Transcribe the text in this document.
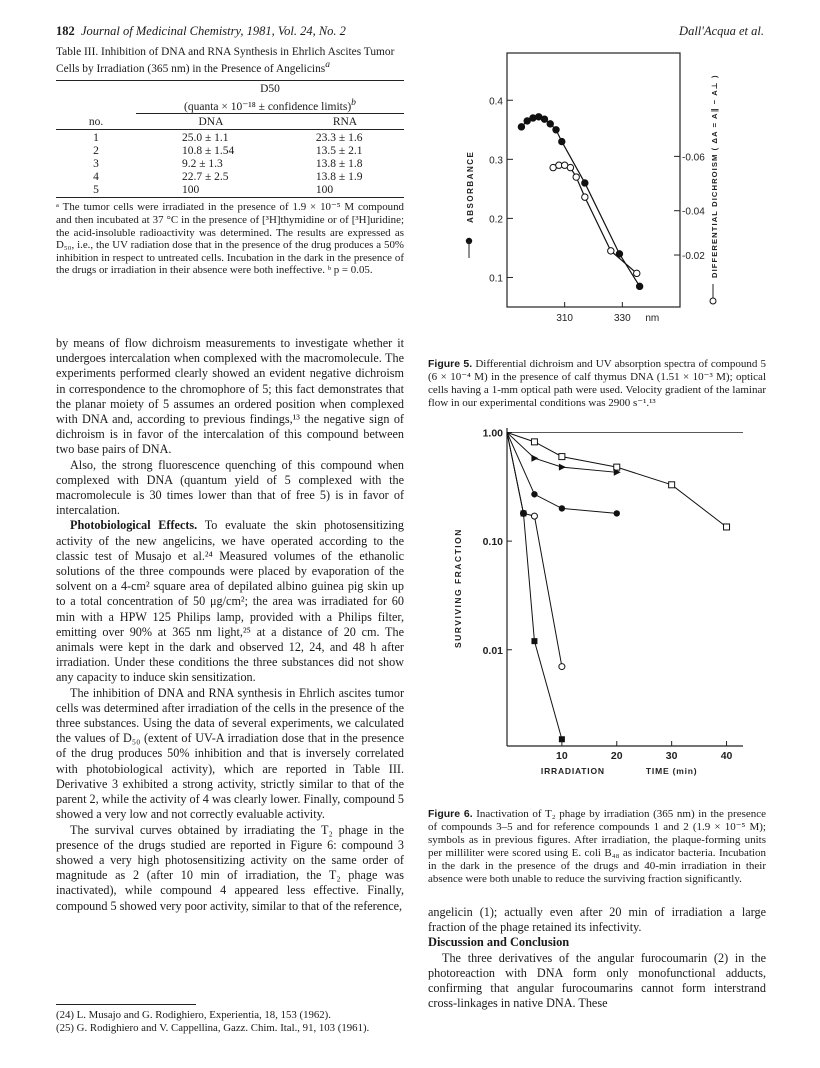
182 Journal of Medicinal Chemistry, 1981, Vol. 24, No. 2	Dall'Acqua et al.
Table III. Inhibition of DNA and RNA Synthesis in Ehrlich Ascites Tumor Cells by Irradiation (365 nm) in the Presence of Angelicins$^a$
	D50	
	(quanta × 10⁻¹⁸ ± confidence limits)$^b$

no.	DNA	RNA

1	25.0 ± 1.1	23.3 ± 1.6
2	10.8 ± 1.54	13.5 ± 2.1
3	9.2 ± 1.3	13.8 ± 1.8
4	22.7 ± 2.5	13.8 ± 1.9
5	100	100

ᵃ The tumor cells were irradiated in the presence of 1.9 × 10⁻⁵ M compound and then incubated at 37 °C in the presence of [³H]thymidine or of [³H]uridine; the acid-insoluble radioactivity was determined. The results are expressed as D₅₀, i.e., the UV radiation dose that in the presence of the drug produces a 50% inhibition in respect to untreated cells. Incubation in the dark in the presence of the drugs or irradiation in their absence were both ineffective. ᵇ p = 0.05.

by means of flow dichroism measurements to investigate whether it undergoes intercalation when complexed with the macromolecule. The experiments performed clearly showed an evident negative dichroism in correspondence to the chromophore of 5; this fact demonstrates that the planar moiety of 5 assumes an ordered position when complexed with DNA and, according to previous findings,¹³ the negative sign of dichroism is in favor of the intercalation of this compound between two base pairs of DNA.

Also, the strong fluorescence quenching of this compound when complexed with DNA (quantum yield of 5 complexed with the macromolecule is 30 times lower than that of free 5) is in favor of intercalation.

Photobiological Effects. To evaluate the skin photosensitizing activity of the new angelicins, we have operated according to the classic test of Musajo et al.²⁴ Measured volumes of the ethanolic solutions of the three compounds were placed by evaporation of the solvent on a 4-cm² square area of depilated albino guinea pig skin up to a total concentration of 50 μg/cm²; the area was irradiated for 60 min with a HPW 125 Philips lamp, provided with a Philips filter, emitting over 90% at 365 nm light,²⁵ at a distance of 20 cm. The animals were kept in the dark and observed 12, 24, and 48 h after irradiation. Under these conditions the three substances did not show any capacity to induce skin sensitization.

The inhibition of DNA and RNA synthesis in Ehrlich ascites tumor cells was determined after irradiation of the cells in the presence of the three substances. Using the data of several experiments, we calculated the values of D₅₀ (extent of UV-A irradiation dose that in the presence of the drug produces 50% inhibition and that is inversely correlated with photobiological activity), which are reported in Table III. Derivative 3 exhibited a strong activity, strictly similar to that of the parent 2, while the activity of 4 was clearly lower. Finally, compound 5 showed a very low and not correctly evaluable activity.

The survival curves obtained by irradiating the T₂ phage in the presence of the drugs studied are reported in Figure 6: compound 3 showed a very high photosensitizing activity on the same order of magnitude as 2 (after 10 min of irradiation, the T₂ phage was inactivated), while compound 4 appeared less effective. Finally, compound 5 showed very poor activity, similar to that of the reference,

(24) L. Musajo and G. Rodighiero, Experientia, 18, 153 (1962).
(25) G. Rodighiero and V. Cappellina, Gazz. Chim. Ital., 91, 103 (1961).
0.1
0.2
0.3
0.4
-0.02
-0.04
-0.06
310	330 nm
ABSORBANCE	DIFFERENTIAL DICHROISM ( ΔA = A∥ − A⊥ )
Figure 5. Differential dichroism and UV absorption spectra of compound 5 (6 × 10⁻⁴ M) in the presence of calf thymus DNA (1.51 × 10⁻³ M); optical cells having a 1-mm optical path were used. Velocity gradient of the laminar flow in our experimental conditions was 2900 s⁻¹.¹³
1.00
0.10
0.01
10	20	30	40
IRRADIATION	TIME (min)
SURVIVING FRACTION
Figure 6. Inactivation of T₂ phage by irradiation (365 nm) in the presence of compounds 3–5 and for reference compounds 1 and 2 (1.9 × 10⁻⁵ M); symbols as in previous figures. After irradiation, the plaque-forming units per milliliter were scored using E. coli B₄₈ as indicator bacteria. Incubation in the dark in the presence of the drugs and 40-min irradiation in their absence were both unable to reduce the surviving fraction significantly.

angelicin (1); actually even after 20 min of irradiation a large fraction of the phage retained its infectivity.

Discussion and Conclusion

The three derivatives of the angular furocoumarin (2) in the photoreaction with DNA form only monofunctional adducts, confirming that angular furocoumarins cannot form interstrand cross-linkages in native DNA. These
